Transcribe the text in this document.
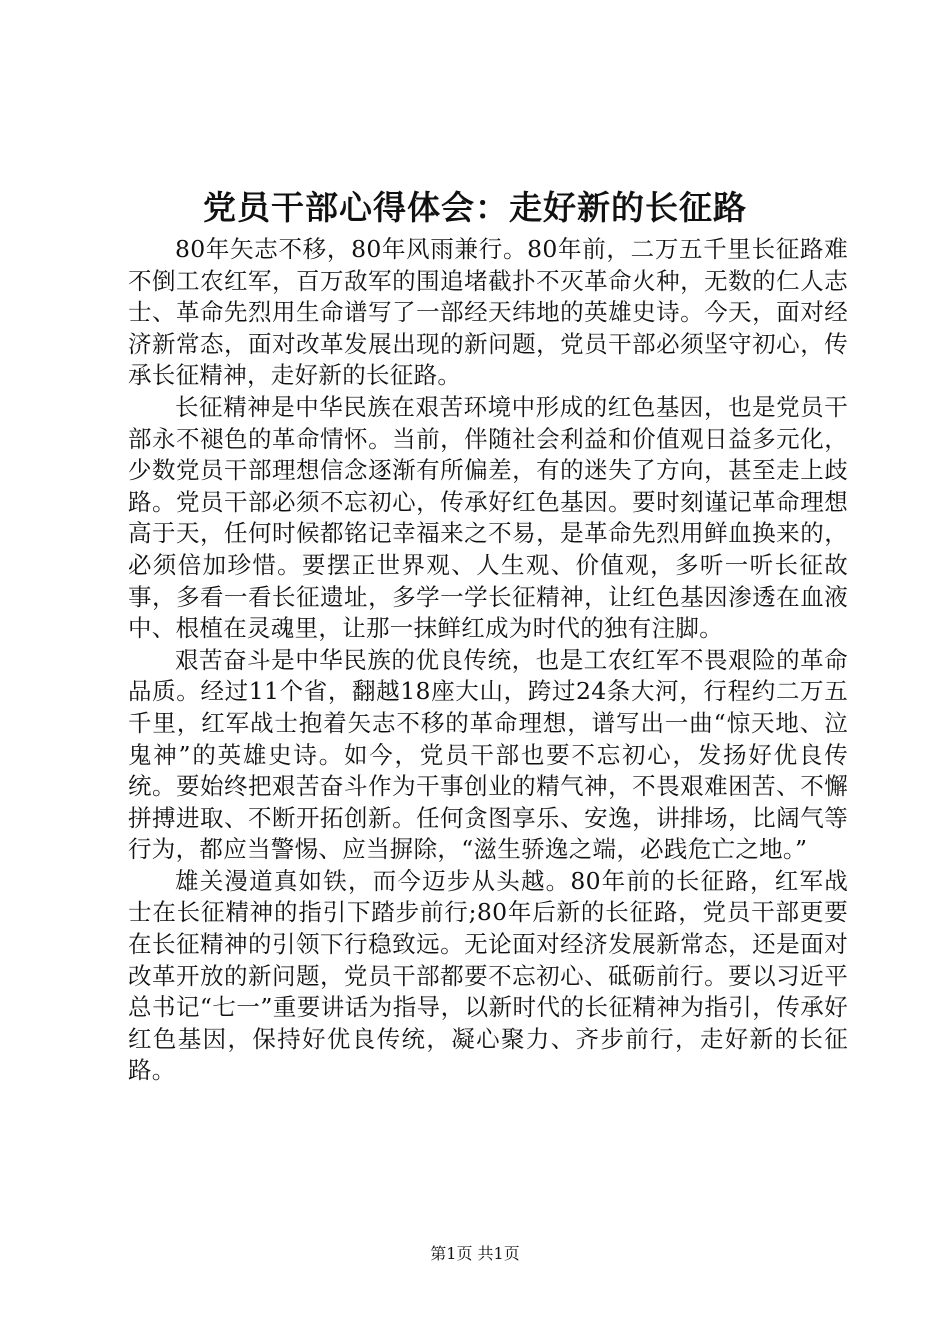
党员干部心得体会：走好新的长征路

80年矢志不移，80年风雨兼行。80年前，二万五千里长征路难不倒工农红军，百万敌军的围追堵截扑不灭革命火种，无数的仁人志士、革命先烈用生命谱写了一部经天纬地的英雄史诗。今天，面对经济新常态，面对改革发展出现的新问题，党员干部必须坚守初心，传承长征精神，走好新的长征路。

长征精神是中华民族在艰苦环境中形成的红色基因，也是党员干部永不褪色的革命情怀。当前，伴随社会利益和价值观日益多元化，少数党员干部理想信念逐渐有所偏差，有的迷失了方向，甚至走上歧路。党员干部必须不忘初心，传承好红色基因。要时刻谨记革命理想高于天，任何时候都铭记幸福来之不易，是革命先烈用鲜血换来的，必须倍加珍惜。要摆正世界观、人生观、价值观，多听一听长征故事，多看一看长征遗址，多学一学长征精神，让红色基因渗透在血液中、根植在灵魂里，让那一抹鲜红成为时代的独有注脚。

艰苦奋斗是中华民族的优良传统，也是工农红军不畏艰险的革命品质。经过11个省，翻越18座大山，跨过24条大河，行程约二万五千里，红军战士抱着矢志不移的革命理想，谱写出一曲“惊天地、泣鬼神”的英雄史诗。如今，党员干部也要不忘初心，发扬好优良传统。要始终把艰苦奋斗作为干事创业的精气神，不畏艰难困苦、不懈拼搏进取、不断开拓创新。任何贪图享乐、安逸，讲排场，比阔气等行为，都应当警惕、应当摒除，“滋生骄逸之端，必践危亡之地。”

雄关漫道真如铁，而今迈步从头越。80年前的长征路，红军战士在长征精神的指引下踏步前行;80年后新的长征路，党员干部更要在长征精神的引领下行稳致远。无论面对经济发展新常态，还是面对改革开放的新问题，党员干部都要不忘初心、砥砺前行。要以习近平总书记“七一”重要讲话为指导，以新时代的长征精神为指引，传承好红色基因，保持好优良传统，凝心聚力、齐步前行，走好新的长征路。

第1页 共1页
